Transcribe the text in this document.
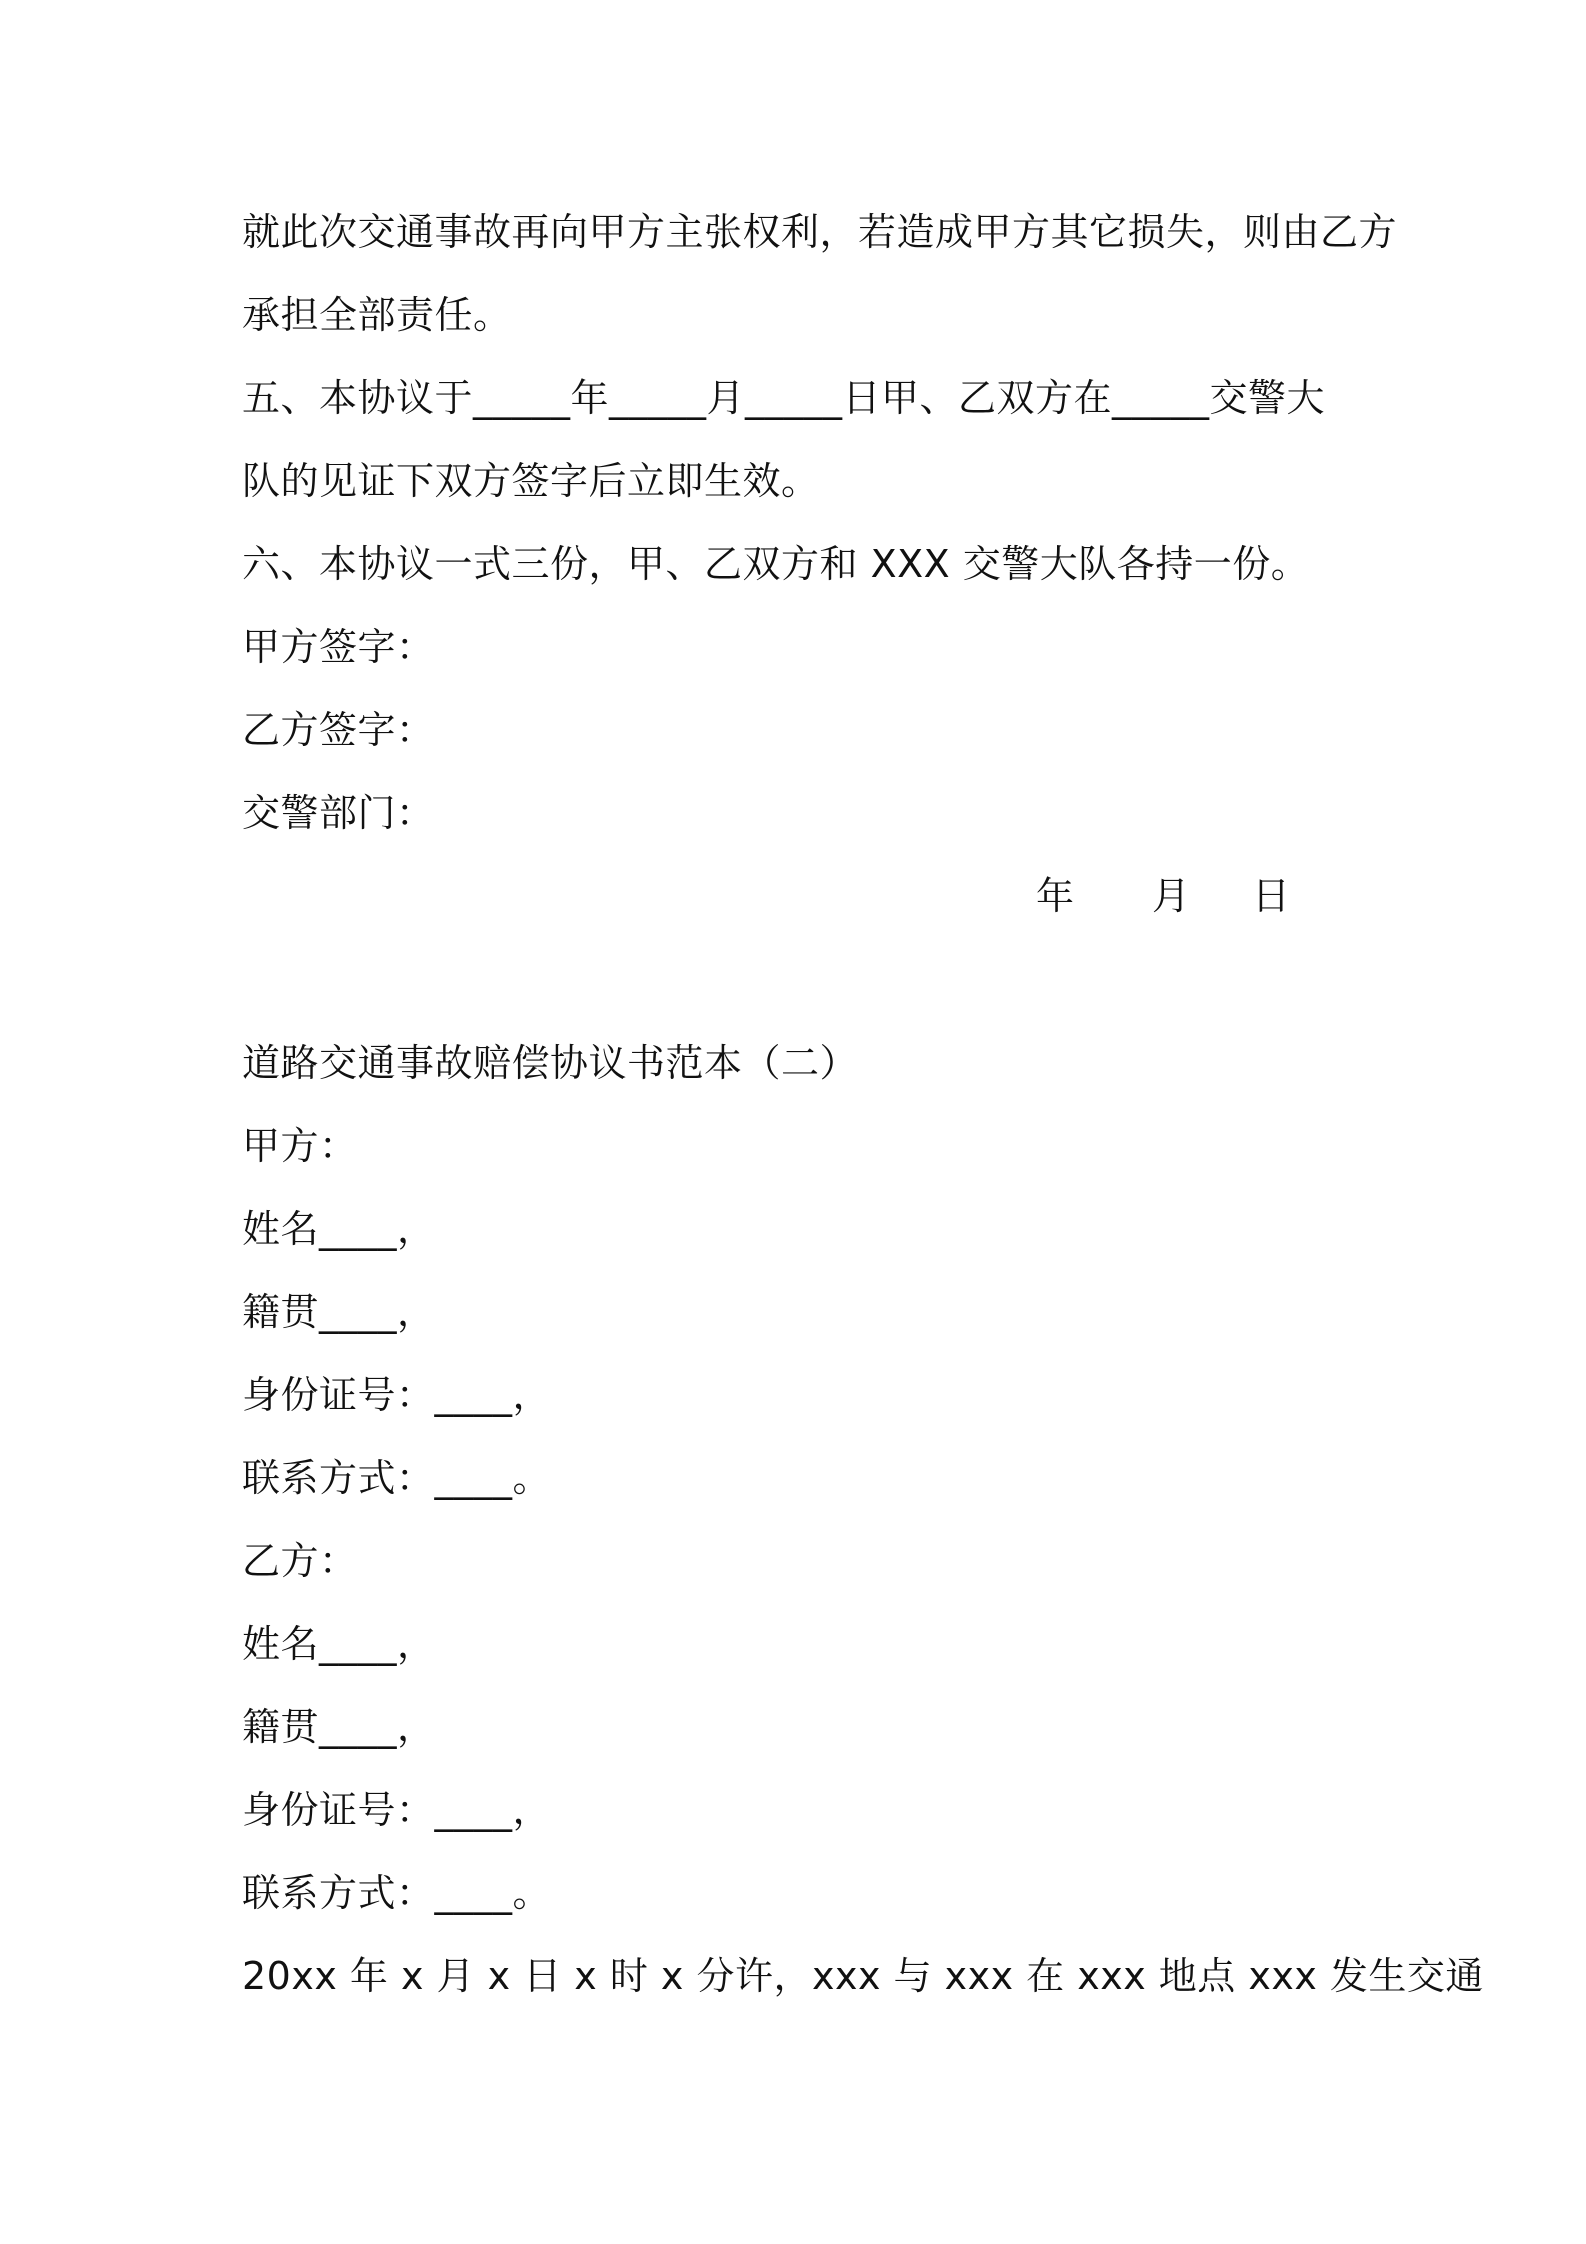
就此次交通事故再向甲方主张权利，若造成甲方其它损失，则由乙方
承担全部责任。
五、本协议于_____年_____月_____日甲、乙双方在_____交警大
队的见证下双方签字后立即生效。
六、本协议一式三份，甲、乙双方和 XXX 交警大队各持一份。
甲方签字：
乙方签字：
交警部门：
年 月 日
道路交通事故赔偿协议书范本（二）
甲方：
姓名____，
籍贯____，
身份证号：____，
联系方式：____。
乙方：
姓名____，
籍贯____，
身份证号：____，
联系方式：____。
20xx 年 x 月 x 日 x 时 x 分许，xxx 与 xxx 在 xxx 地点 xxx 发生交通
